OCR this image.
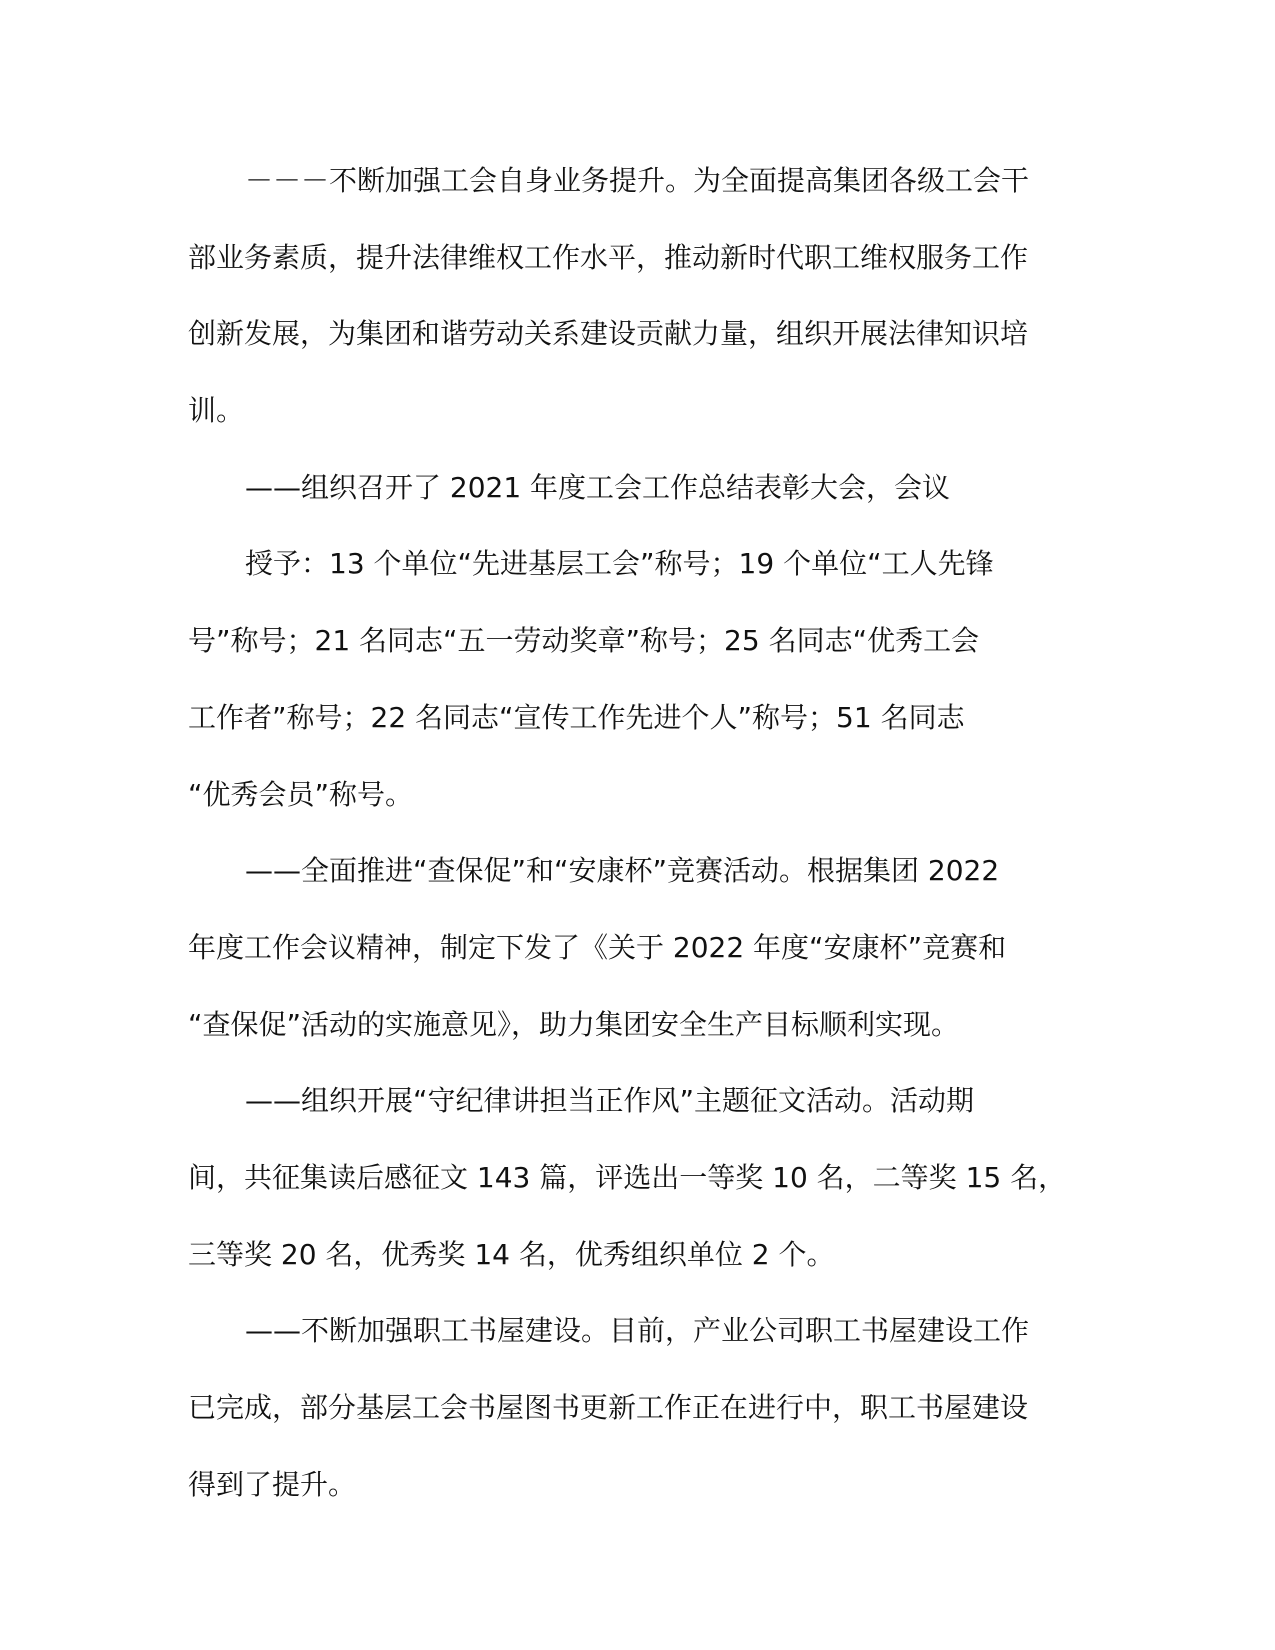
－－－不断加强工会自身业务提升。为全面提高集团各级工会干
部业务素质，提升法律维权工作水平，推动新时代职工维权服务工作
创新发展，为集团和谐劳动关系建设贡献力量，组织开展法律知识培
训。
——组织召开了 2021 年度工会工作总结表彰大会，会议
授予：13 个单位“先进基层工会”称号；19 个单位“工人先锋
号”称号；21 名同志“五一劳动奖章”称号；25 名同志“优秀工会
工作者”称号；22 名同志“宣传工作先进个人”称号；51 名同志
“优秀会员”称号。
——全面推进“查保促”和“安康杯”竞赛活动。根据集团 2022
年度工作会议精神，制定下发了《关于 2022 年度“安康杯”竞赛和
“查保促”活动的实施意见》，助力集团安全生产目标顺利实现。
——组织开展“守纪律讲担当正作风”主题征文活动。活动期
间，共征集读后感征文 143 篇，评选出一等奖 10 名，二等奖 15 名，
三等奖 20 名，优秀奖 14 名，优秀组织单位 2 个。
——不断加强职工书屋建设。目前，产业公司职工书屋建设工作
已完成，部分基层工会书屋图书更新工作正在进行中，职工书屋建设
得到了提升。
